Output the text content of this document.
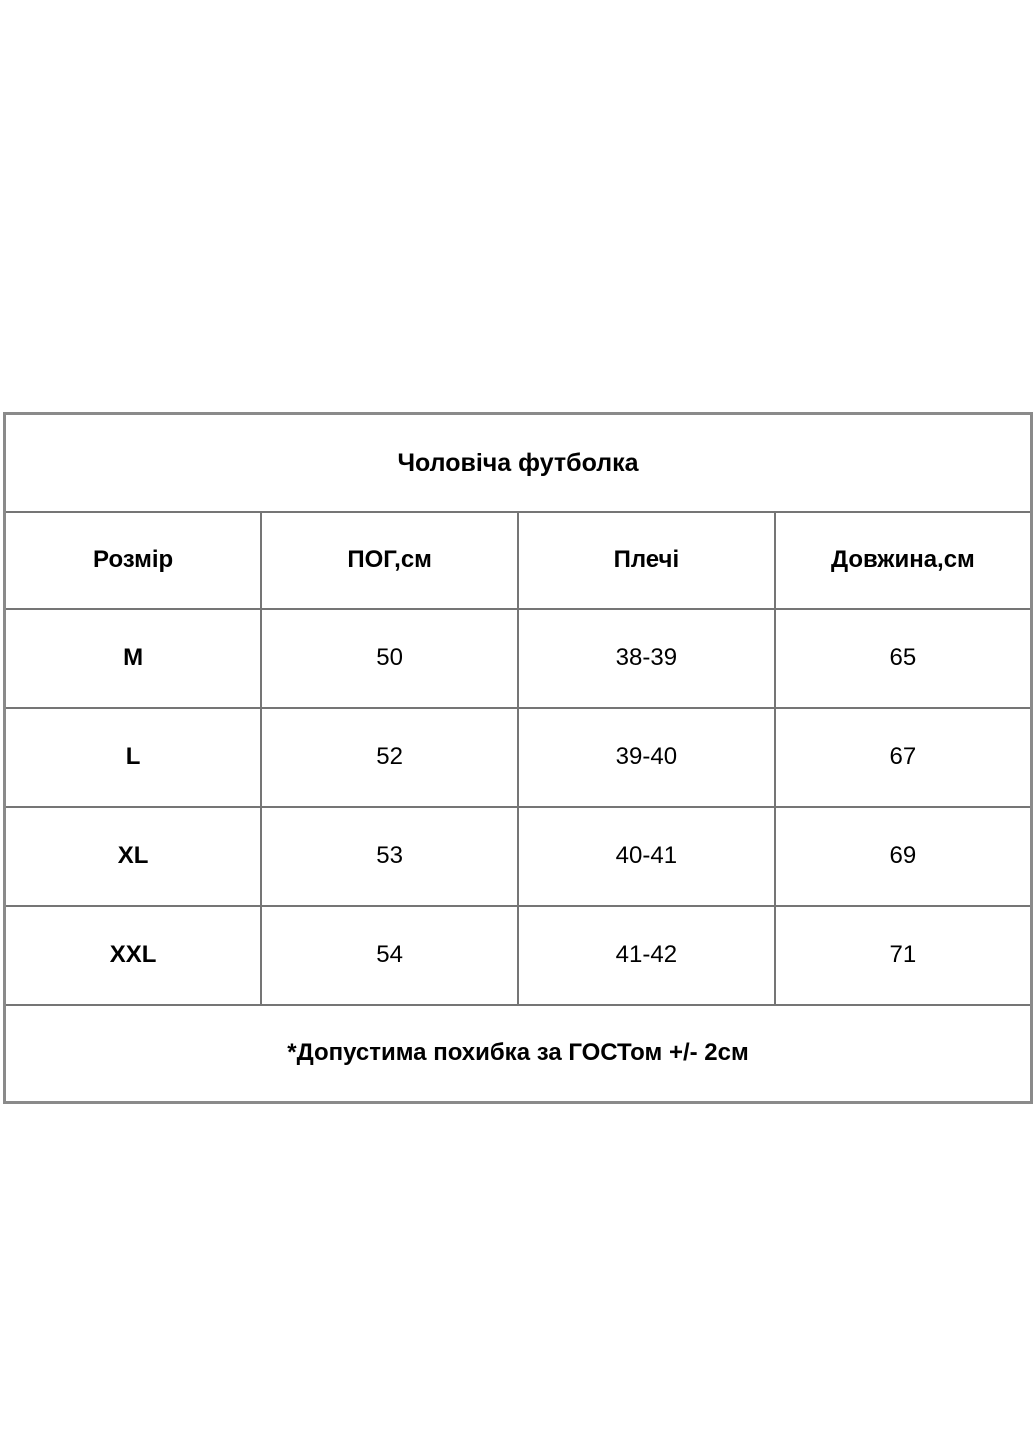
Чоловіча футболка			
Розмір	ПОГ,см	Плечі	Довжина,см
M	50	38-39	65
L	52	39-40	67
XL	53	40-41	69
XXL	54	41-42	71
*Допустима похибка за ГОСТом +/- 2см			
